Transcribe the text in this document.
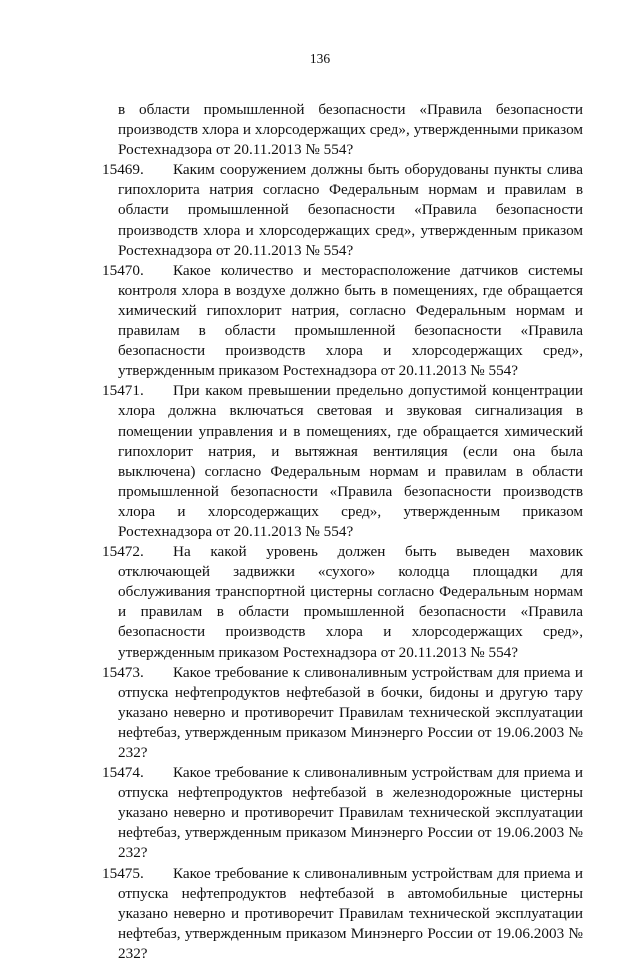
136
в области промышленной безопасности «Правила безопасности производств хлора и хлорсодержащих сред», утвержденными приказом Ростехнадзора от 20.11.2013 № 554?
15469.	Каким сооружением должны быть оборудованы пункты слива гипохлорита натрия согласно Федеральным нормам и правилам в области промышленной безопасности «Правила безопасности производств хлора и хлорсодержащих сред», утвержденным приказом Ростехнадзора от 20.11.2013 № 554?
15470.	Какое количество и месторасположение датчиков системы контроля хлора в воздухе должно быть в помещениях, где обращается химический гипохлорит натрия, согласно Федеральным нормам и правилам в области промышленной безопасности «Правила безопасности производств хлора и хлорсодержащих сред», утвержденным приказом Ростехнадзора от 20.11.2013 № 554?
15471.	При каком превышении предельно допустимой концентрации хлора должна включаться световая и звуковая сигнализация в помещении управления и в помещениях, где обращается химический гипохлорит натрия, и вытяжная вентиляция (если она была выключена) согласно Федеральным нормам и правилам в области промышленной безопасности «Правила безопасности производств хлора и хлорсодержащих сред», утвержденным приказом Ростехнадзора от 20.11.2013 № 554?
15472.	На какой уровень должен быть выведен маховик отключающей задвижки «сухого» колодца площадки для обслуживания транспортной цистерны согласно Федеральным нормам и правилам в области промышленной безопасности «Правила безопасности производств хлора и хлорсодержащих сред», утвержденным приказом Ростехнадзора от 20.11.2013 № 554?
15473.	Какое требование к сливоналивным устройствам для приема и отпуска нефтепродуктов нефтебазой в бочки, бидоны и другую тару указано неверно и противоречит Правилам технической эксплуатации нефтебаз, утвержденным приказом Минэнерго России от 19.06.2003 № 232?
15474.	Какое требование к сливоналивным устройствам для приема и отпуска нефтепродуктов нефтебазой в железнодорожные цистерны указано неверно и противоречит Правилам технической эксплуатации нефтебаз, утвержденным приказом Минэнерго России от 19.06.2003 № 232?
15475.	Какое требование к сливоналивным устройствам для приема и отпуска нефтепродуктов нефтебазой в автомобильные цистерны указано неверно и противоречит Правилам технической эксплуатации нефтебаз, утвержденным приказом Минэнерго России от 19.06.2003 № 232?
